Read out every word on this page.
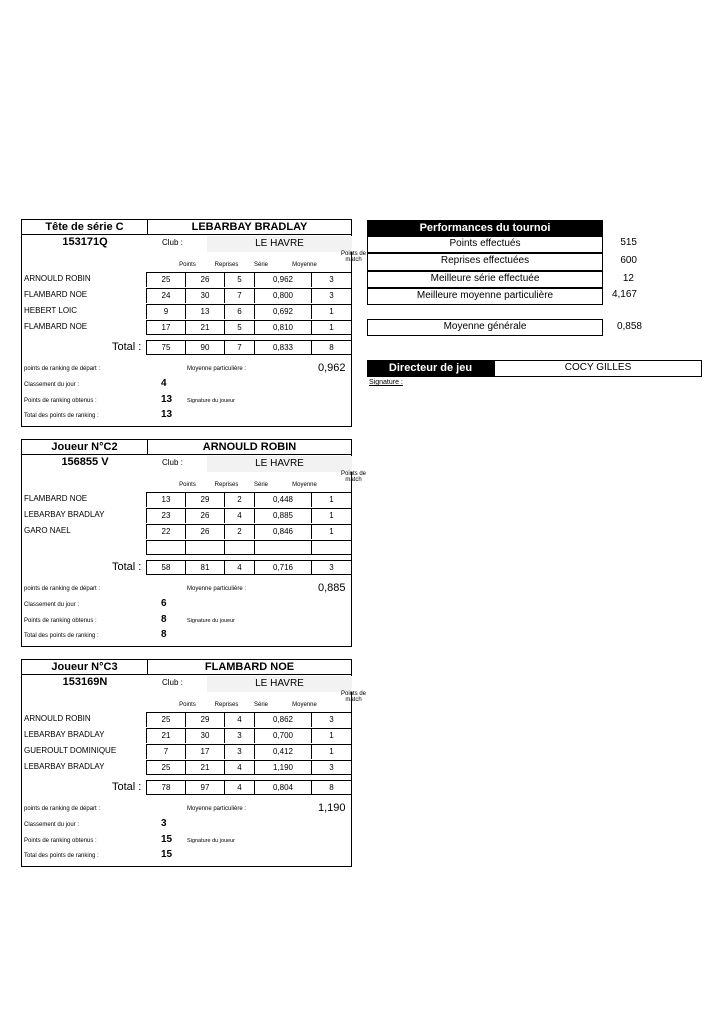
Tête de série C	LEBARBAY BRADLAY
153171Q	Club :	LE HAVRE
Points	Reprises	Série	Moyenne
Points de match
ARNOULD ROBIN	25	26	5	0,962	3
FLAMBARD NOE	24	30	7	0,800	3
HEBERT LOIC	9	13	6	0,692	1
FLAMBARD NOE	17	21	5	0,810	1
Total :	75	90	7	0,833	8
points de ranking de départ :	Moyenne particulière :	0,962
Classement du jour :	4
Points de ranking obtenus :	13	Signature du joueur
Total des points de ranking :	13
Joueur N°C2	ARNOULD ROBIN
156855 V	Club :	LE HAVRE
Points	Reprises	Série	Moyenne
Points de match
FLAMBARD NOE	13	29	2	0,448	1
LEBARBAY BRADLAY	23	26	4	0,885	1
GARO NAEL	22	26	2	0,846	1
Total :	58	81	4	0,716	3
points de ranking de départ :	Moyenne particulière :	0,885
Classement du jour :	6
Points de ranking obtenus :	8	Signature du joueur
Total des points de ranking :	8
Joueur N°C3	FLAMBARD NOE
153169N	Club :	LE HAVRE
Points	Reprises	Série	Moyenne
Points de match
ARNOULD ROBIN	25	29	4	0,862	3
LEBARBAY BRADLAY	21	30	3	0,700	1
GUEROULT DOMINIQUE	7	17	3	0,412	1
LEBARBAY BRADLAY	25	21	4	1,190	3
Total :	78	97	4	0,804	8
points de ranking de départ :	Moyenne particulière :	1,190
Classement du jour :	3
Points de ranking obtenus :	15	Signature du joueur
Total des points de ranking :	15
Performances du tournoi
Points effectués	515
Reprises effectuées	600
Meilleure série effectuée	12
Meilleure moyenne particulière	4,167
Moyenne générale	0,858
Directeur de jeu	COCY GILLES
Signature :
